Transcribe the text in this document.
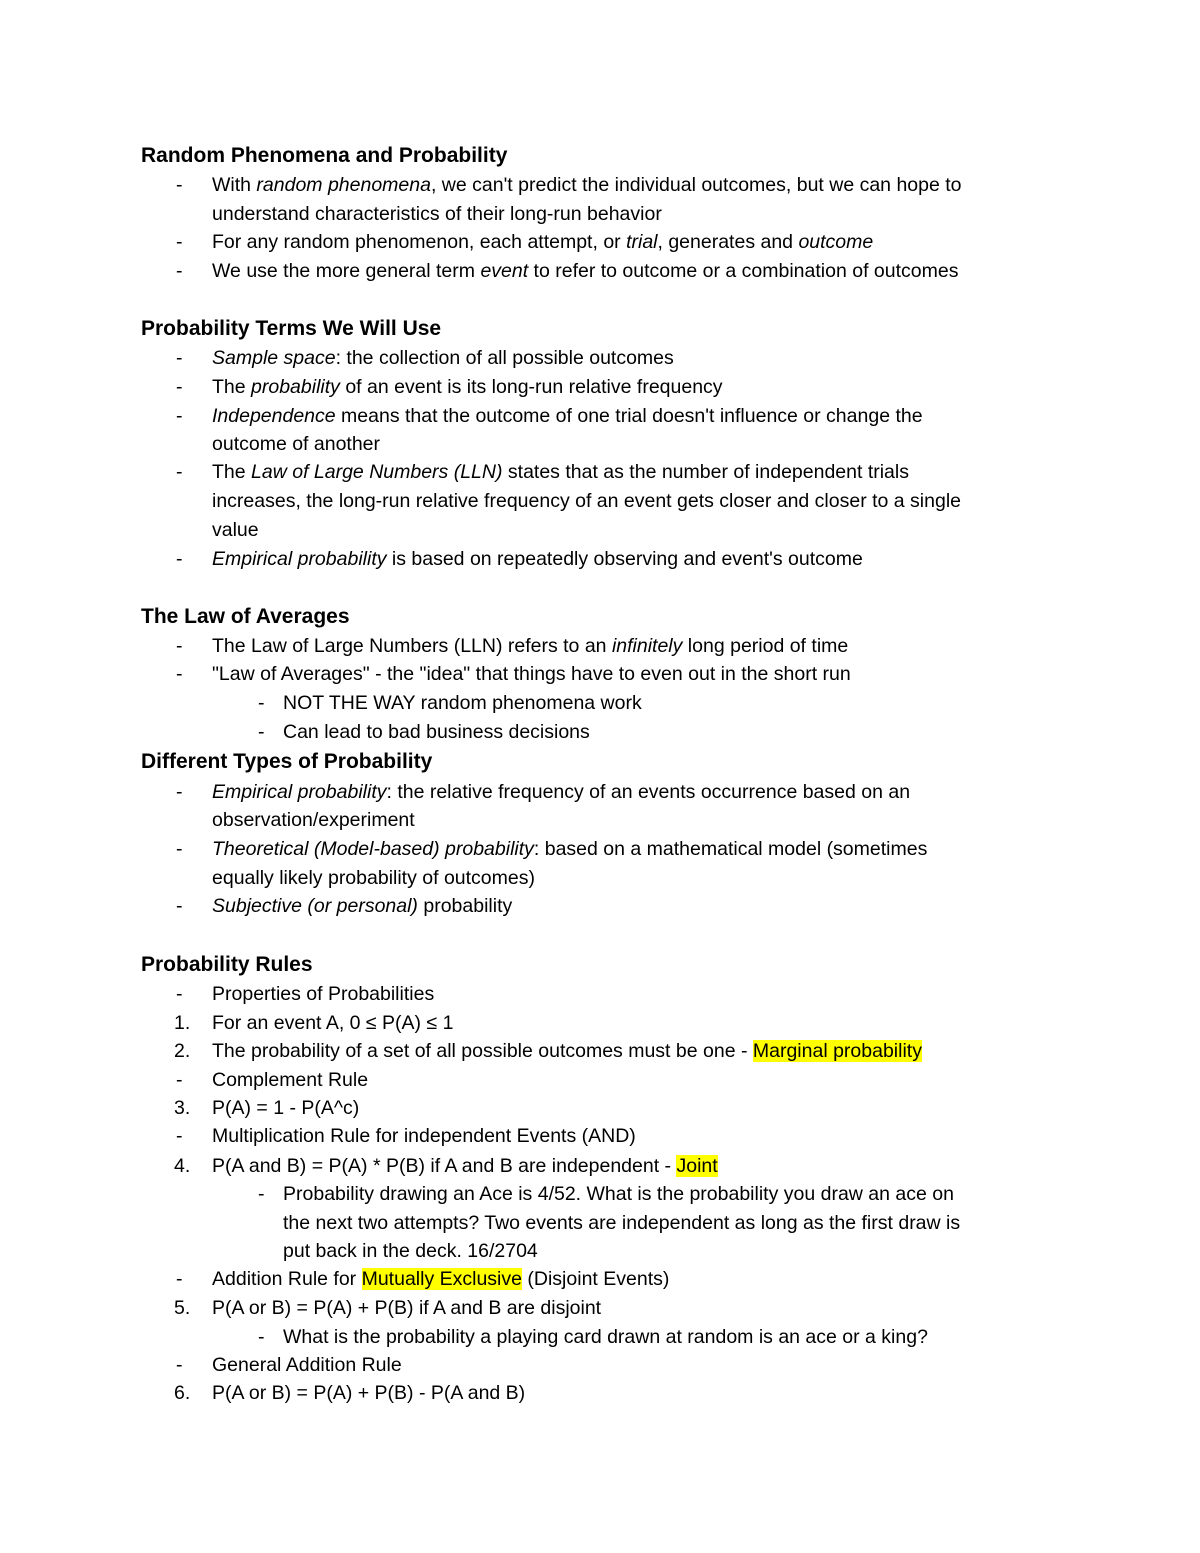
Random Phenomena and Probability
- With random phenomena, we can't predict the individual outcomes, but we can hope to
understand characteristics of their long-run behavior
- For any random phenomenon, each attempt, or trial, generates and outcome
- We use the more general term event to refer to outcome or a combination of outcomes
Probability Terms We Will Use
- Sample space: the collection of all possible outcomes
- The probability of an event is its long-run relative frequency
- Independence means that the outcome of one trial doesn't influence or change the
outcome of another
- The Law of Large Numbers (LLN) states that as the number of independent trials
increases, the long-run relative frequency of an event gets closer and closer to a single
value
- Empirical probability is based on repeatedly observing and event's outcome
The Law of Averages
- The Law of Large Numbers (LLN) refers to an infinitely long period of time
- "Law of Averages" - the "idea" that things have to even out in the short run
- NOT THE WAY random phenomena work
- Can lead to bad business decisions
Different Types of Probability
- Empirical probability: the relative frequency of an events occurrence based on an
observation/experiment
- Theoretical (Model-based) probability: based on a mathematical model (sometimes
equally likely probability of outcomes)
- Subjective (or personal) probability
Probability Rules
- Properties of Probabilities
1. For an event A, 0 ≤ P(A) ≤ 1
2. The probability of a set of all possible outcomes must be one - Marginal probability
- Complement Rule
3. P(A) = 1 - P(A^c)
- Multiplication Rule for independent Events (AND)
4. P(A and B) = P(A) * P(B) if A and B are independent - Joint
- Probability drawing an Ace is 4/52. What is the probability you draw an ace on
the next two attempts? Two events are independent as long as the first draw is
put back in the deck. 16/2704
- Addition Rule for Mutually Exclusive (Disjoint Events)
5. P(A or B) = P(A) + P(B) if A and B are disjoint
- What is the probability a playing card drawn at random is an ace or a king?
- General Addition Rule
6. P(A or B) = P(A) + P(B) - P(A and B)
